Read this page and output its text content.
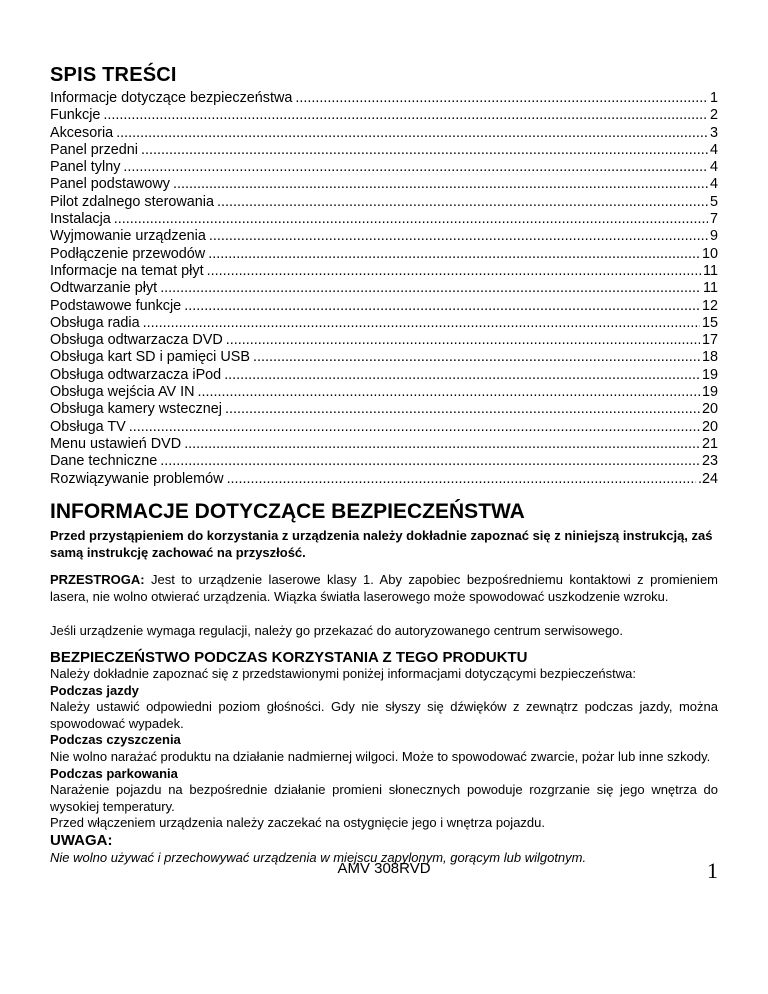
SPIS TREŚCI
Informacje dotyczące bezpieczeństwa .....	1
Funkcje .....	2
Akcesoria .....	3
Panel przedni .....	4
Panel tylny .....	4
Panel podstawowy .....	4
Pilot zdalnego sterowania .....	5
Instalacja .....	7
Wyjmowanie urządzenia .....	9
Podłączenie przewodów .....	10
Informacje na temat płyt .....	11
Odtwarzanie płyt .....	11
Podstawowe funkcje .....	12
Obsługa radia .....	15
Obsługa odtwarzacza DVD .....	17
Obsługa kart SD i pamięci USB .....	18
Obsługa odtwarzacza iPod .....	19
Obsługa wejścia AV IN .....	19
Obsługa kamery wstecznej .....	20
Obsługa TV .....	20
Menu ustawień DVD .....	21
Dane techniczne .....	23
Rozwiązywanie problemów .....	.24
INFORMACJE DOTYCZĄCE BEZPIECZEŃSTWA
Przed przystąpieniem do korzystania z urządzenia należy dokładnie zapoznać się z niniejszą instrukcją, zaś samą instrukcję zachować na przyszłość.
PRZESTROGA: Jest to urządzenie laserowe klasy 1. Aby zapobiec bezpośredniemu kontaktowi z promieniem lasera, nie wolno otwierać urządzenia. Wiązka światła laserowego może spowodować uszkodzenie wzroku.
Jeśli urządzenie wymaga regulacji, należy go przekazać do autoryzowanego centrum serwisowego.
BEZPIECZEŃSTWO PODCZAS KORZYSTANIA Z TEGO PRODUKTU

Należy dokładnie zapoznać się z przedstawionymi poniżej informacjami dotyczącymi bezpieczeństwa:

Podczas jazdy

Należy ustawić odpowiedni poziom głośności. Gdy nie słyszy się dźwięków z zewnątrz podczas jazdy, można spowodować wypadek.

Podczas czyszczenia

Nie wolno narażać produktu na działanie nadmiernej wilgoci. Może to spowodować zwarcie, pożar lub inne szkody.

Podczas parkowania

Narażenie pojazdu na bezpośrednie działanie promieni słonecznych powoduje rozgrzanie się jego wnętrza do wysokiej temperatury.

Przed włączeniem urządzenia należy zaczekać na ostygnięcie jego i wnętrza pojazdu.

UWAGA:

Nie wolno używać i przechowywać urządzenia w miejscu zapylonym, gorącym lub wilgotnym.

AMV 308RVD	1
